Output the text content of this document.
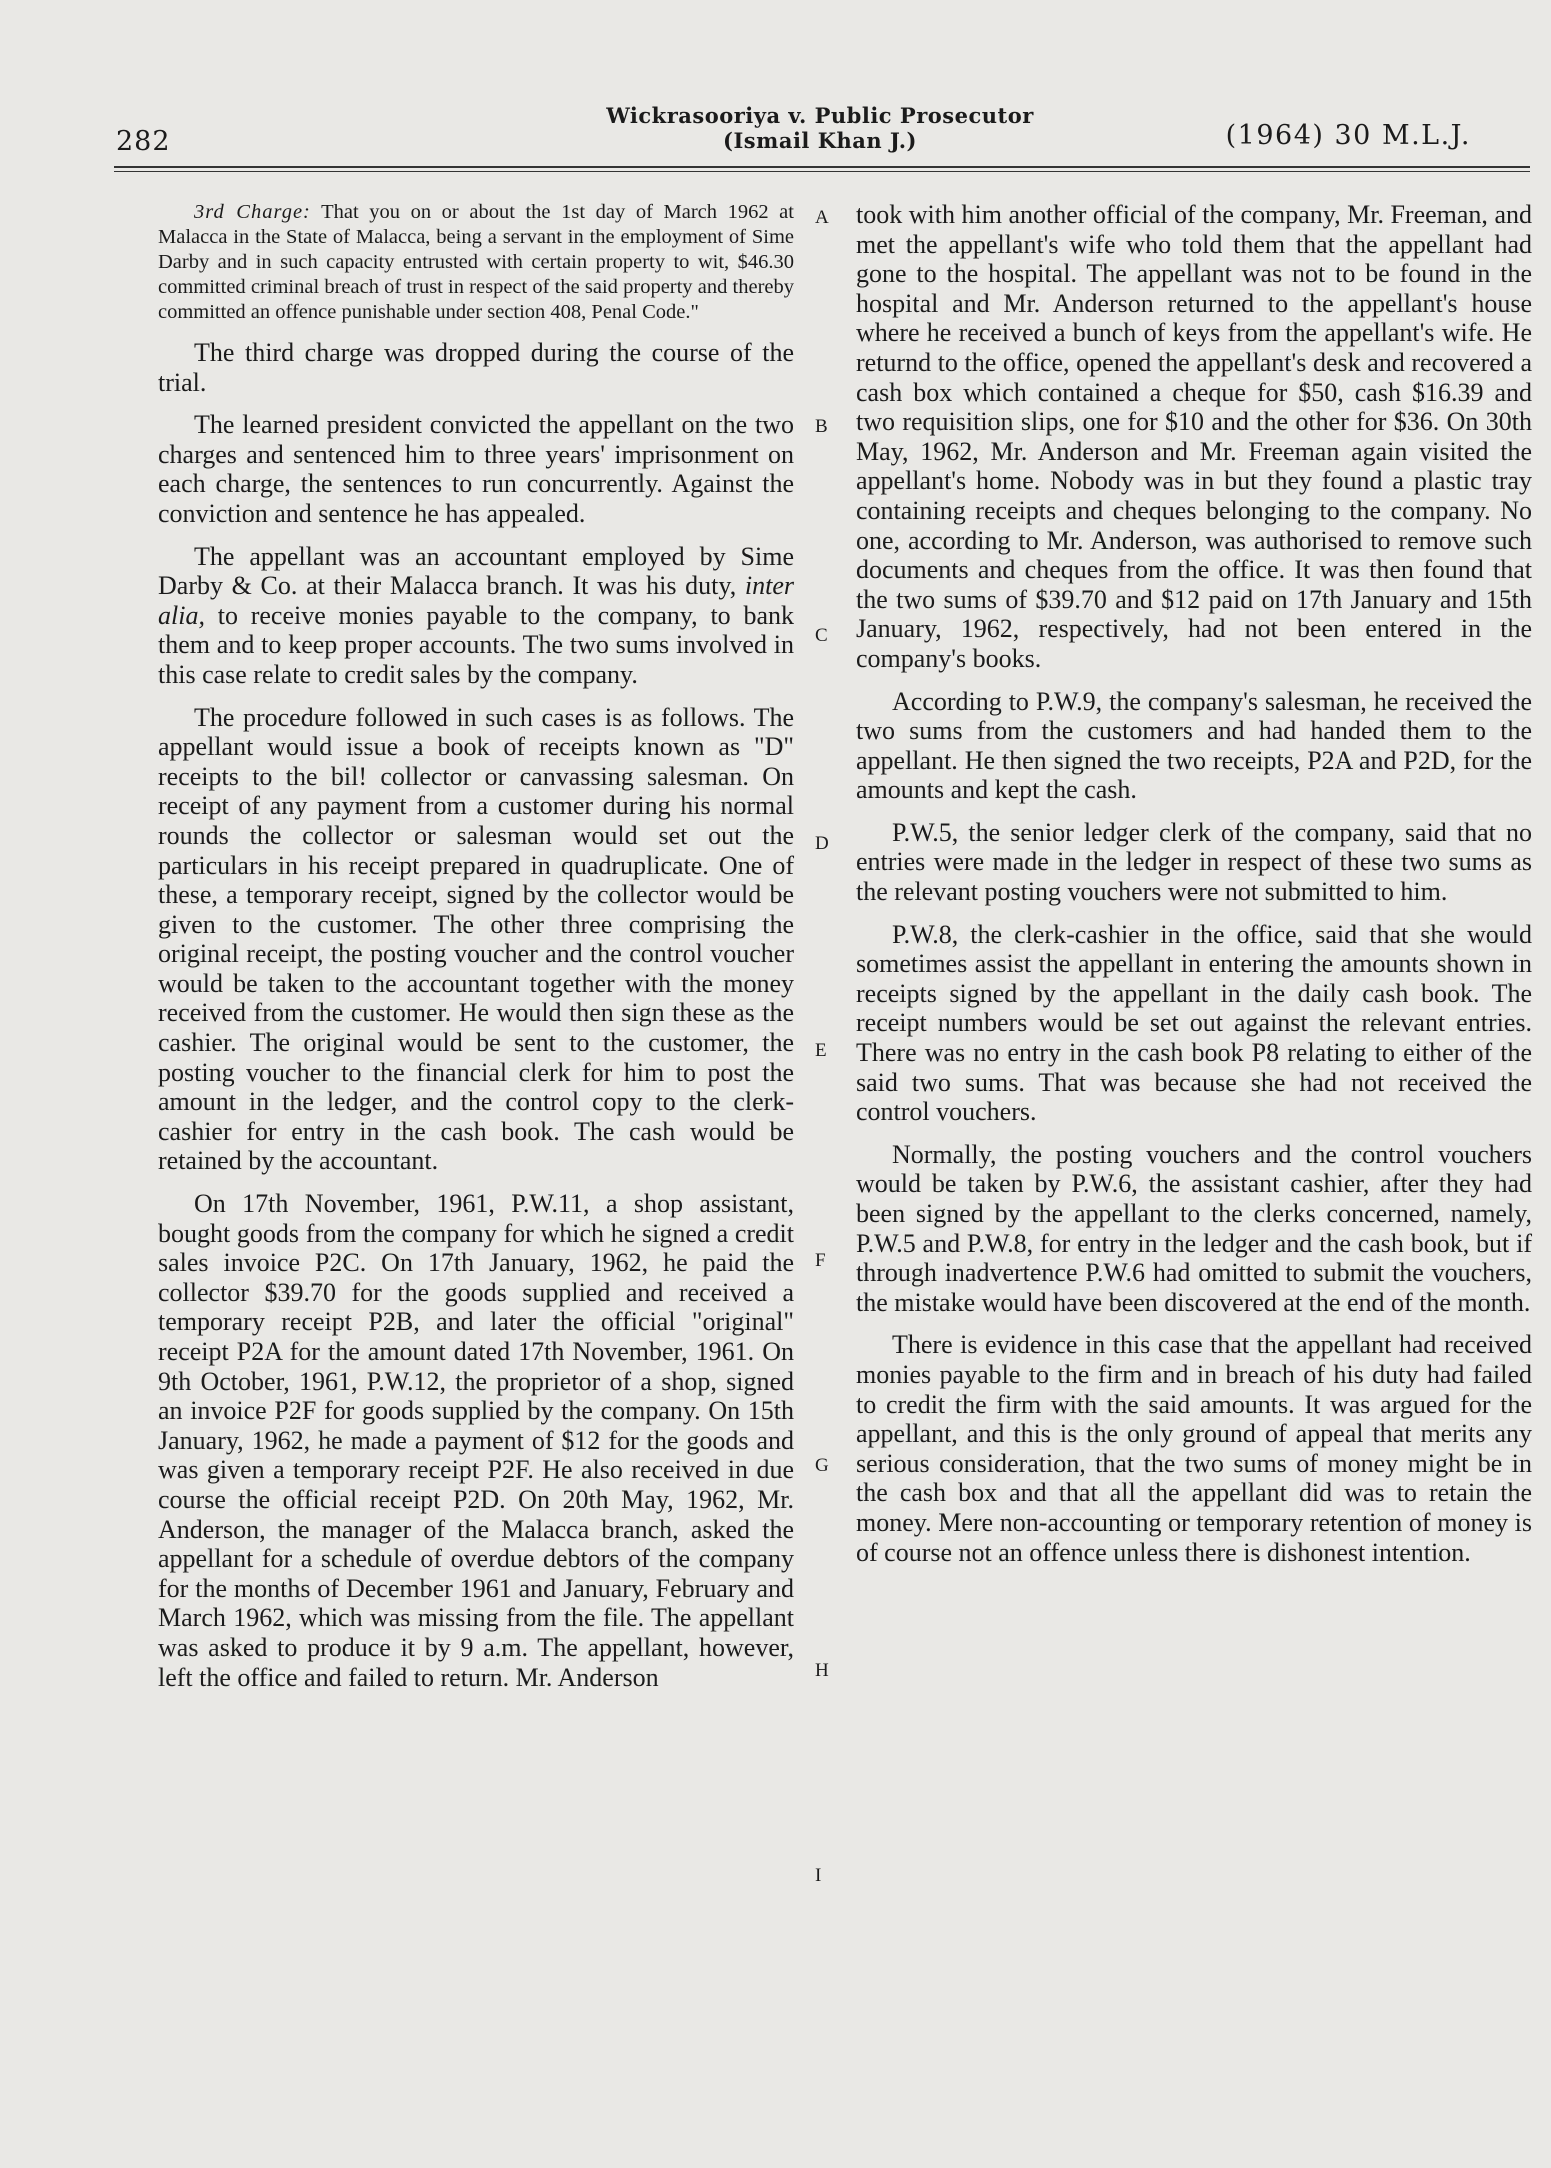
282
Wickrasooriya v. Public Prosecutor
(Ismail Khan J.)	(1964) 30 M.L.J.

3rd Charge: That you on or about the 1st day of March 1962 at Malacca in the State of Malacca, being a servant in the employment of Sime Darby and in such capacity entrusted with certain property to wit, $46.30 committed criminal breach of trust in respect of the said property and thereby committed an offence punishable under section 408, Penal Code."

The third charge was dropped during the course of the trial.

The learned president convicted the appellant on the two charges and sentenced him to three years' imprisonment on each charge, the sentences to run concurrently. Against the conviction and sentence he has appealed.

The appellant was an accountant employed by Sime Darby & Co. at their Malacca branch. It was his duty, inter alia, to receive monies payable to the company, to bank them and to keep proper accounts. The two sums involved in this case relate to credit sales by the company.

The procedure followed in such cases is as follows. The appellant would issue a book of receipts known as "D" receipts to the bil! collector or canvassing salesman. On receipt of any payment from a customer during his normal rounds the collector or salesman would set out the particulars in his receipt prepared in quadruplicate. One of these, a temporary receipt, signed by the collector would be given to the customer. The other three comprising the original receipt, the posting voucher and the control voucher would be taken to the accountant together with the money received from the customer. He would then sign these as the cashier. The original would be sent to the customer, the posting voucher to the financial clerk for him to post the amount in the ledger, and the control copy to the clerk-cashier for entry in the cash book. The cash would be retained by the accountant.

On 17th November, 1961, P.W.11, a shop assistant, bought goods from the company for which he signed a credit sales invoice P2C. On 17th January, 1962, he paid the collector $39.70 for the goods supplied and received a temporary receipt P2B, and later the official "original" receipt P2A for the amount dated 17th November, 1961. On 9th October, 1961, P.W.12, the proprietor of a shop, signed an invoice P2F for goods supplied by the company. On 15th January, 1962, he made a payment of $12 for the goods and was given a temporary receipt P2F. He also received in due course the official receipt P2D. On 20th May, 1962, Mr. Anderson, the manager of the Malacca branch, asked the appellant for a schedule of overdue debtors of the company for the months of December 1961 and January, February and March 1962, which was missing from the file. The appellant was asked to produce it by 9 a.m. The appellant, however, left the office and failed to return. Mr. Anderson

A
B
C
D
E
F
G
H
I

took with him another official of the company, Mr. Freeman, and met the appellant's wife who told them that the appellant had gone to the hospital. The appellant was not to be found in the hospital and Mr. Anderson returned to the appellant's house where he received a bunch of keys from the appellant's wife. He returnd to the office, opened the appellant's desk and recovered a cash box which contained a cheque for $50, cash $16.39 and two requisition slips, one for $10 and the other for $36. On 30th May, 1962, Mr. Anderson and Mr. Freeman again visited the appellant's home. Nobody was in but they found a plastic tray containing receipts and cheques belonging to the company. No one, according to Mr. Anderson, was authorised to remove such documents and cheques from the office. It was then found that the two sums of $39.70 and $12 paid on 17th January and 15th January, 1962, respectively, had not been entered in the company's books.

According to P.W.9, the company's salesman, he received the two sums from the customers and had handed them to the appellant. He then signed the two receipts, P2A and P2D, for the amounts and kept the cash.

P.W.5, the senior ledger clerk of the company, said that no entries were made in the ledger in respect of these two sums as the relevant posting vouchers were not submitted to him.

P.W.8, the clerk-cashier in the office, said that she would sometimes assist the appellant in entering the amounts shown in receipts signed by the appellant in the daily cash book. The receipt numbers would be set out against the relevant entries. There was no entry in the cash book P8 relating to either of the said two sums. That was because she had not received the control vouchers.

Normally, the posting vouchers and the control vouchers would be taken by P.W.6, the assistant cashier, after they had been signed by the appellant to the clerks concerned, namely, P.W.5 and P.W.8, for entry in the ledger and the cash book, but if through inadvertence P.W.6 had omitted to submit the vouchers, the mistake would have been discovered at the end of the month.

There is evidence in this case that the appellant had received monies payable to the firm and in breach of his duty had failed to credit the firm with the said amounts. It was argued for the appellant, and this is the only ground of appeal that merits any serious consideration, that the two sums of money might be in the cash box and that all the appellant did was to retain the money. Mere non-accounting or temporary retention of money is of course not an offence unless there is dishonest intention.
